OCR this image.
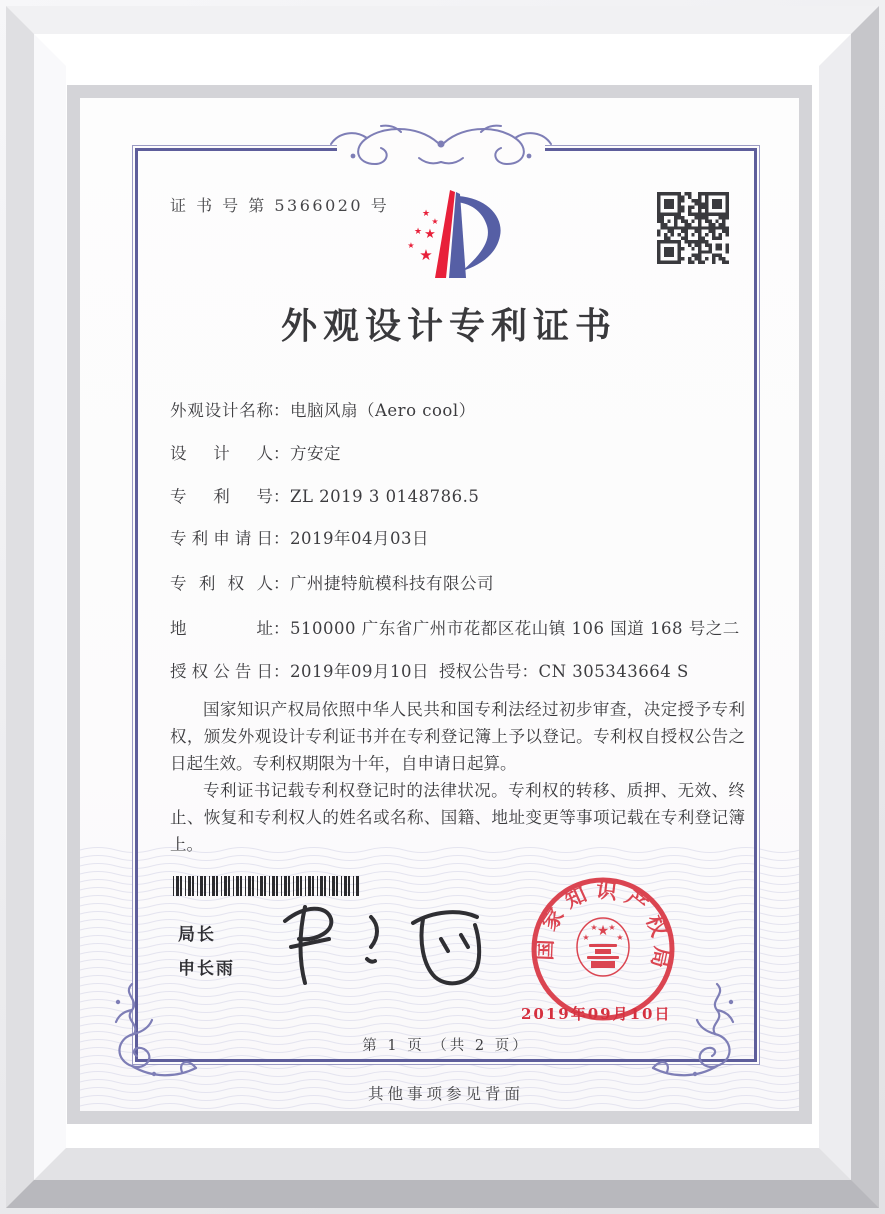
证 书 号 第 5366020 号	★
★
★ ★
★
★
外观设计专利证书
外观设计名称：电脑风扇（Aero cool）
设计人：方安定
专利号：ZL 2019 3 0148786.5
专利申请日：2019年04月03日
专利权人：广州捷特航模科技有限公司
地址：510000 广东省广州市花都区花山镇 106 国道 168 号之二
授权公告日：2019年09月10日 授权公告号：CN 305343664 S

国家知识产权局依照中华人民共和国专利法经过初步审查，决定授予专利权，颁发外观设计专利证书并在专利登记簿上予以登记。专利权自授权公告之日起生效。专利权期限为十年，自申请日起算。

专利证书记载专利权登记时的法律状况。专利权的转移、质押、无效、终止、恢复和专利权人的姓名或名称、国籍、地址变更等事项记载在专利登记簿上。

局长
申长雨
2019年09月10日
国家知识产权局
★
★
★ ★
★
第 1 页 （共 2 页）
其他事项参见背面
